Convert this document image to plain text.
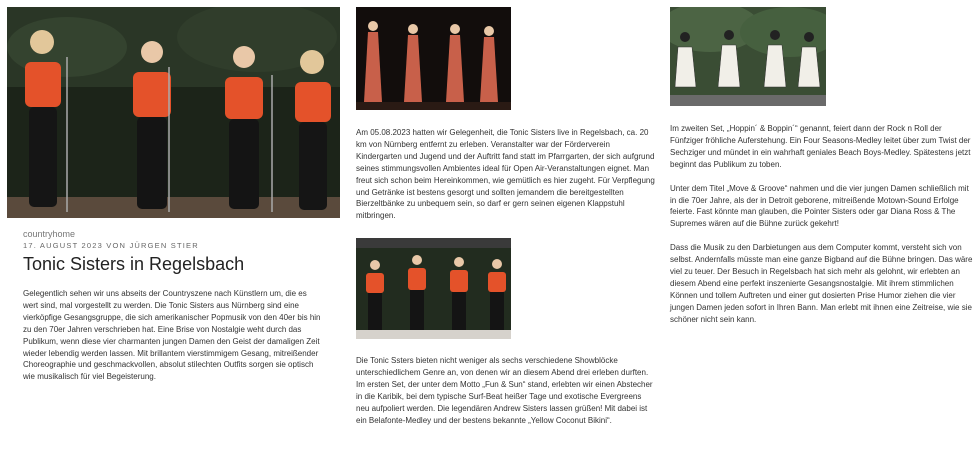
countryhome
17. AUGUST 2023 VON JÜRGEN STIER
Tonic Sisters in Regelsbach

Gelegentlich sehen wir uns abseits der Countryszene nach Künstlern um, die es wert sind, mal vorgestellt zu werden. Die Tonic Sisters aus Nürnberg sind eine vierköpfige Gesangsgruppe, die sich amerikanischer Popmusik von den 40er bis hin zu den 70er Jahren verschrieben hat. Eine Brise von Nostalgie weht durch das Publikum, wenn diese vier charmanten jungen Damen den Geist der damaligen Zeit wieder lebendig werden lassen. Mit brillantem vierstimmigem Gesang, mitreißender Choreographie und geschmackvollen, absolut stilechten Outfits sorgen sie optisch wie musikalisch für viel Begeisterung.

Am 05.08.2023 hatten wir Gelegenheit, die Tonic Sisters live in Regelsbach, ca. 20 km von Nürnberg entfernt zu erleben. Veranstalter war der Förderverein Kindergarten und Jugend und der Auftritt fand statt im Pfarrgarten, der sich aufgrund seines stimmungsvollen Ambientes ideal für Open Air-Veranstaltungen eignet. Man freut sich schon beim Hereinkommen, wie gemütlich es hier zugeht. Für Verpflegung und Getränke ist bestens gesorgt und sollten jemandem die bereitgestellten Bierzeltbänke zu unbequem sein, so darf er gern seinen eigenen Klappstuhl mitbringen.

Die Tonic Ssters bieten nicht weniger als sechs verschiedene Showblöcke unterschiedlichem Genre an, von denen wir an diesem Abend drei erleben durften. Im ersten Set, der unter dem Motto „Fun & Sun“ stand, erlebten wir einen Abstecher in die Karibik, bei dem typische Surf-Beat heißer Tage und exotische Evergreens neu aufpoliert werden. Die legendären Andrew Sisters lassen grüßen! Mit dabei ist ein Belafonte-Medley und der bestens bekannte „Yellow Coconut Bikini“.

Im zweiten Set, „Hoppin´ & Boppin´“ genannt, feiert dann der Rock n Roll der Fünfziger fröhliche Auferstehung. Ein Four Seasons-Medley leitet über zum Twist der Sechziger und mündet in ein wahrhaft geniales Beach Boys-Medley. Spätestens jetzt beginnt das Publikum zu toben.

Unter dem Titel „Move & Groove“ nahmen und die vier jungen Damen schließlich mit in die 70er Jahre, als der in Detroit geborene, mitreißende Motown-Sound Erfolge feierte. Fast könnte man glauben, die Pointer Sisters oder gar Diana Ross & The Supremes wären auf die Bühne zurück gekehrt!

Dass die Musik zu den Darbietungen aus dem Computer kommt, versteht sich von selbst. Andernfalls müsste man eine ganze Bigband auf die Bühne bringen. Das wäre viel zu teuer. Der Besuch in Regelsbach hat sich mehr als gelohnt, wir erlebten an diesem Abend eine perfekt inszenierte Gesangsnostalgie. Mit ihrem stimmlichen Können und tollem Auftreten und einer gut dosierten Prise Humor ziehen die vier jungen Damen jeden sofort in Ihren Bann. Man erlebt mit ihnen eine Zeitreise, wie sie schöner nicht sein kann.
